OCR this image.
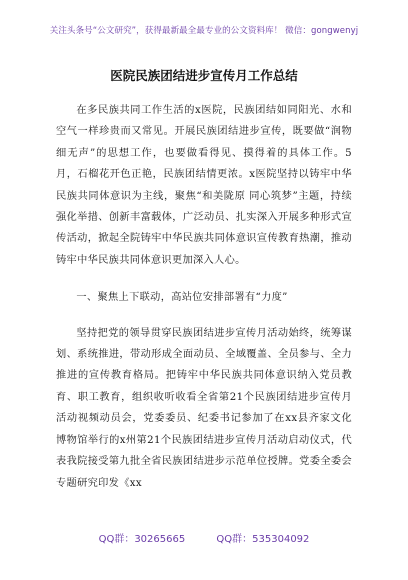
关注头条号“公文研究”，获得最新最全最专业的公文资料库！ 微信：gongwenyj
医院民族团结进步宣传月工作总结

在多民族共同工作生活的x医院，民族团结如同阳光、水和空气一样珍贵而又常见。开展民族团结进步宣传，既要做“润物细无声”的思想工作，也要做看得见、摸得着的具体工作。5月，石榴花开色正艳，民族团结情更浓。x医院坚持以铸牢中华民族共同体意识为主线，聚焦“和美陇原 同心筑梦”主题，持续强化举措、创新丰富载体，广泛动员、扎实深入开展多种形式宣传活动，掀起全院铸牢中华民族共同体意识宣传教育热潮，推动铸牢中华民族共同体意识更加深入人心。

一、聚焦上下联动，高站位安排部署有“力度”

坚持把党的领导贯穿民族团结进步宣传月活动始终，统筹谋划、系统推进，带动形成全面动员、全域覆盖、全员参与、全力推进的宣传教育格局。把铸牢中华民族共同体意识纳入党员教育、职工教育，组织收听收看全省第21个民族团结进步宣传月活动视频动员会，党委委员、纪委书记参加了在xx县齐家文化博物馆举行的x州第21个民族团结进步宣传月活动启动仪式，代表我院接受第九批全省民族团结进步示范单位授牌。党委全委会专题研究印发《xx

QQ群：30265665	QQ群：535304092
